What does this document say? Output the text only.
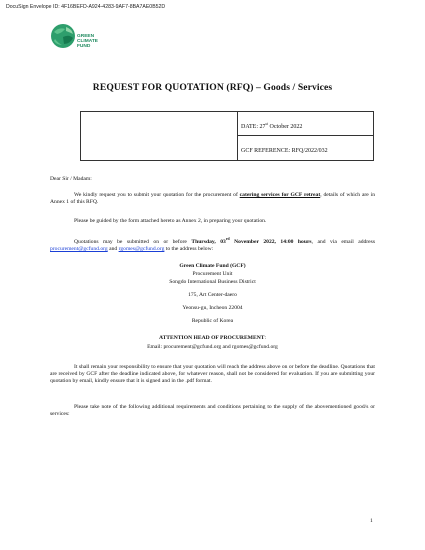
DocuSign Envelope ID: 4F16BEFD-A924-4283-9AF7-8BA7AE0B52D
GREEN
CLIMATE
FUND
REQUEST FOR QUOTATION (RFQ) – Goods / Services
DATE: 27st October 2022
GCF REFERENCE: RFQ/2022/032
Dear Sir / Madam:
We kindly request you to submit your quotation for the procurement of catering services for GCF retreat, details of which are in Annex 1 of this RFQ.
Please be guided by the form attached hereto as Annex 2, in preparing your quotation.
Quotations may be submitted on or before Thursday, 03rd November 2022, 14:00 hours, and via email address procurement@gcfund.org and rgomes@gcfund.org to the address below:
Green Climate Fund (GCF)
Procurement Unit
Songdo International Business District
175, Art Center-daero
Yeonsu-gu, Incheon 22004
Republic of Korea
ATTENTION HEAD OF PROCUREMENT:
Email: procurement@gcfund.org and rgomes@gcfund.org
It shall remain your responsibility to ensure that your quotation will reach the address above on or before the deadline. Quotations that are received by GCF after the deadline indicated above, for whatever reason, shall not be considered for evaluation. If you are submitting your quotation by email, kindly ensure that it is signed and in the .pdf format.
Please take note of the following additional requirements and conditions pertaining to the supply of the abovementioned good/s or services:
1
